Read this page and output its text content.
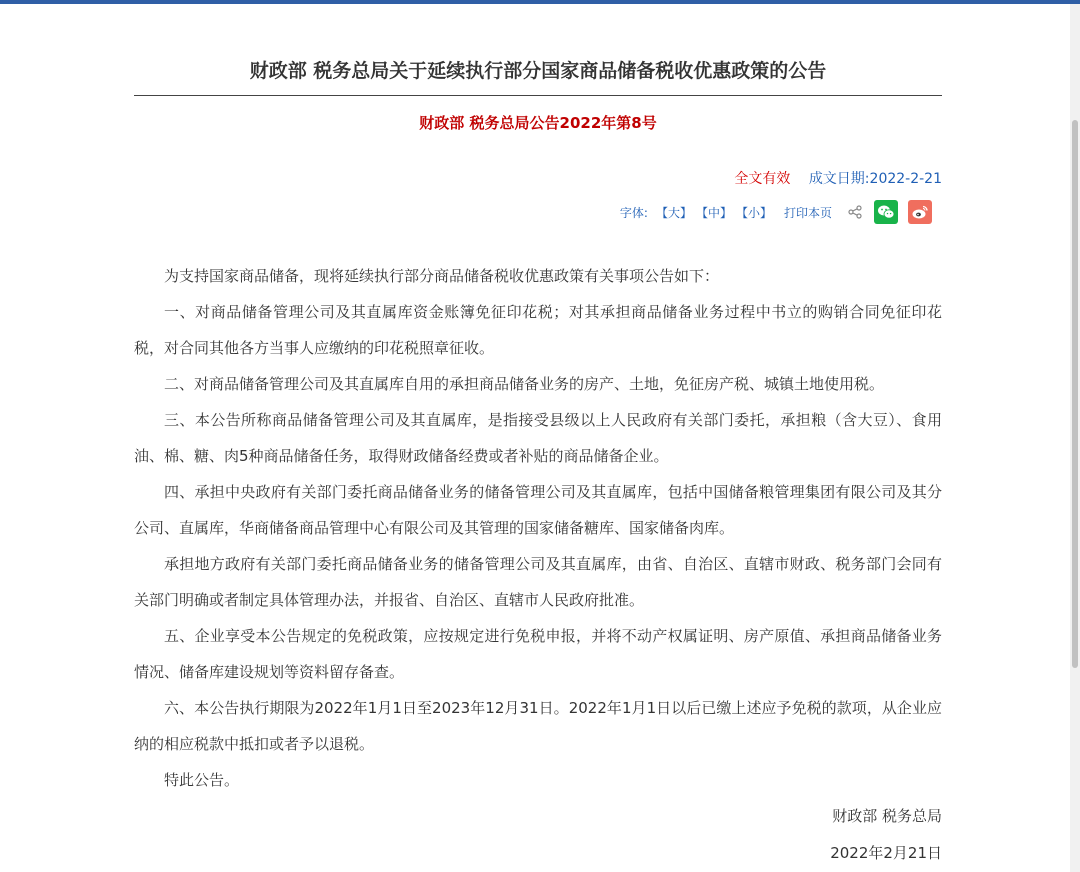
财政部 税务总局关于延续执行部分国家商品储备税收优惠政策的公告
财政部 税务总局公告2022年第8号
全文有效 成文日期:2022-2-21
字体: 【大】 【中】 【小】 打印本页

为支持国家商品储备，现将延续执行部分商品储备税收优惠政策有关事项公告如下：

一、对商品储备管理公司及其直属库资金账簿免征印花税；对其承担商品储备业务过程中书立的购销合同免征印花税，对合同其他各方当事人应缴纳的印花税照章征收。

二、对商品储备管理公司及其直属库自用的承担商品储备业务的房产、土地，免征房产税、城镇土地使用税。

三、本公告所称商品储备管理公司及其直属库，是指接受县级以上人民政府有关部门委托，承担粮（含大豆）、食用油、棉、糖、肉5种商品储备任务，取得财政储备经费或者补贴的商品储备企业。

四、承担中央政府有关部门委托商品储备业务的储备管理公司及其直属库，包括中国储备粮管理集团有限公司及其分公司、直属库，华商储备商品管理中心有限公司及其管理的国家储备糖库、国家储备肉库。

承担地方政府有关部门委托商品储备业务的储备管理公司及其直属库，由省、自治区、直辖市财政、税务部门会同有关部门明确或者制定具体管理办法，并报省、自治区、直辖市人民政府批准。

五、企业享受本公告规定的免税政策，应按规定进行免税申报，并将不动产权属证明、房产原值、承担商品储备业务情况、储备库建设规划等资料留存备查。

六、本公告执行期限为2022年1月1日至2023年12月31日。2022年1月1日以后已缴上述应予免税的款项，从企业应纳的相应税款中抵扣或者予以退税。

特此公告。

财政部 税务总局
2022年2月21日
